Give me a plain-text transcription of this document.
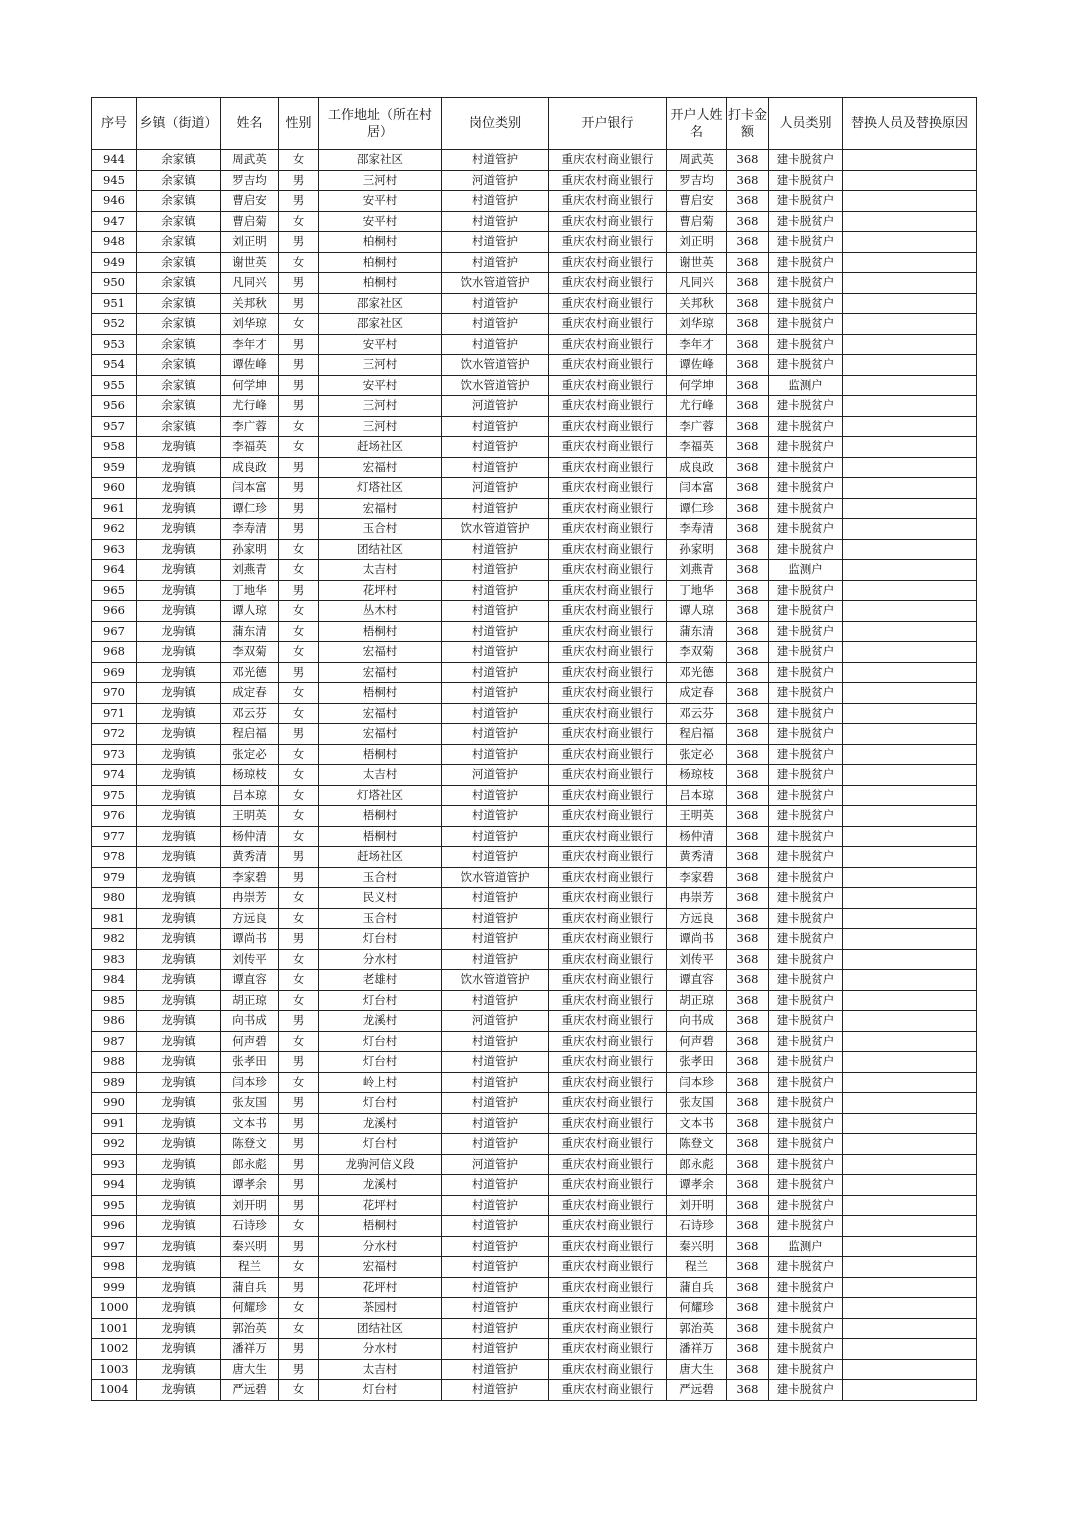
序号	乡镇（街道）	姓名	性别	工作地址（所在村居）	岗位类别	开户银行	开户人姓名	打卡金额	人员类别	替换人员及替换原因
944	余家镇	周武英	女	邵家社区	村道管护	重庆农村商业银行	周武英	368	建卡脱贫户	
945	余家镇	罗吉均	男	三河村	河道管护	重庆农村商业银行	罗吉均	368	建卡脱贫户	
946	余家镇	曹启安	男	安平村	村道管护	重庆农村商业银行	曹启安	368	建卡脱贫户	
947	余家镇	曹启菊	女	安平村	村道管护	重庆农村商业银行	曹启菊	368	建卡脱贫户	
948	余家镇	刘正明	男	柏桐村	村道管护	重庆农村商业银行	刘正明	368	建卡脱贫户	
949	余家镇	谢世英	女	柏桐村	村道管护	重庆农村商业银行	谢世英	368	建卡脱贫户	
950	余家镇	凡同兴	男	柏桐村	饮水管道管护	重庆农村商业银行	凡同兴	368	建卡脱贫户	
951	余家镇	关邦秋	男	邵家社区	村道管护	重庆农村商业银行	关邦秋	368	建卡脱贫户	
952	余家镇	刘华琼	女	邵家社区	村道管护	重庆农村商业银行	刘华琼	368	建卡脱贫户	
953	余家镇	李年才	男	安平村	村道管护	重庆农村商业银行	李年才	368	建卡脱贫户	
954	余家镇	谭佐峰	男	三河村	饮水管道管护	重庆农村商业银行	谭佐峰	368	建卡脱贫户	
955	余家镇	何学坤	男	安平村	饮水管道管护	重庆农村商业银行	何学坤	368	监测户	
956	余家镇	尤行峰	男	三河村	河道管护	重庆农村商业银行	尤行峰	368	建卡脱贫户	
957	余家镇	李广蓉	女	三河村	村道管护	重庆农村商业银行	李广蓉	368	建卡脱贫户	
958	龙驹镇	李福英	女	赶场社区	村道管护	重庆农村商业银行	李福英	368	建卡脱贫户	
959	龙驹镇	成良政	男	宏福村	村道管护	重庆农村商业银行	成良政	368	建卡脱贫户	
960	龙驹镇	闫本富	男	灯塔社区	河道管护	重庆农村商业银行	闫本富	368	建卡脱贫户	
961	龙驹镇	谭仁珍	男	宏福村	村道管护	重庆农村商业银行	谭仁珍	368	建卡脱贫户	
962	龙驹镇	李寿清	男	玉合村	饮水管道管护	重庆农村商业银行	李寿清	368	建卡脱贫户	
963	龙驹镇	孙家明	女	团结社区	村道管护	重庆农村商业银行	孙家明	368	建卡脱贫户	
964	龙驹镇	刘燕青	女	太吉村	村道管护	重庆农村商业银行	刘燕青	368	监测户	
965	龙驹镇	丁地华	男	花坪村	村道管护	重庆农村商业银行	丁地华	368	建卡脱贫户	
966	龙驹镇	谭人琼	女	丛木村	村道管护	重庆农村商业银行	谭人琼	368	建卡脱贫户	
967	龙驹镇	蒲东清	女	梧桐村	村道管护	重庆农村商业银行	蒲东清	368	建卡脱贫户	
968	龙驹镇	李双菊	女	宏福村	村道管护	重庆农村商业银行	李双菊	368	建卡脱贫户	
969	龙驹镇	邓光德	男	宏福村	村道管护	重庆农村商业银行	邓光德	368	建卡脱贫户	
970	龙驹镇	成定春	女	梧桐村	村道管护	重庆农村商业银行	成定春	368	建卡脱贫户	
971	龙驹镇	邓云芬	女	宏福村	村道管护	重庆农村商业银行	邓云芬	368	建卡脱贫户	
972	龙驹镇	程启福	男	宏福村	村道管护	重庆农村商业银行	程启福	368	建卡脱贫户	
973	龙驹镇	张定必	女	梧桐村	村道管护	重庆农村商业银行	张定必	368	建卡脱贫户	
974	龙驹镇	杨琼枝	女	太吉村	河道管护	重庆农村商业银行	杨琼枝	368	建卡脱贫户	
975	龙驹镇	吕本琼	女	灯塔社区	村道管护	重庆农村商业银行	吕本琼	368	建卡脱贫户	
976	龙驹镇	王明英	女	梧桐村	村道管护	重庆农村商业银行	王明英	368	建卡脱贫户	
977	龙驹镇	杨仲清	女	梧桐村	村道管护	重庆农村商业银行	杨仲清	368	建卡脱贫户	
978	龙驹镇	黄秀清	男	赶场社区	村道管护	重庆农村商业银行	黄秀清	368	建卡脱贫户	
979	龙驹镇	李家碧	男	玉合村	饮水管道管护	重庆农村商业银行	李家碧	368	建卡脱贫户	
980	龙驹镇	冉崇芳	女	民义村	村道管护	重庆农村商业银行	冉崇芳	368	建卡脱贫户	
981	龙驹镇	方远良	女	玉合村	村道管护	重庆农村商业银行	方远良	368	建卡脱贫户	
982	龙驹镇	谭尚书	男	灯台村	村道管护	重庆农村商业银行	谭尚书	368	建卡脱贫户	
983	龙驹镇	刘传平	女	分水村	村道管护	重庆农村商业银行	刘传平	368	建卡脱贫户	
984	龙驹镇	谭直容	女	老雄村	饮水管道管护	重庆农村商业银行	谭直容	368	建卡脱贫户	
985	龙驹镇	胡正琼	女	灯台村	村道管护	重庆农村商业银行	胡正琼	368	建卡脱贫户	
986	龙驹镇	向书成	男	龙溪村	河道管护	重庆农村商业银行	向书成	368	建卡脱贫户	
987	龙驹镇	何声碧	女	灯台村	村道管护	重庆农村商业银行	何声碧	368	建卡脱贫户	
988	龙驹镇	张孝田	男	灯台村	村道管护	重庆农村商业银行	张孝田	368	建卡脱贫户	
989	龙驹镇	闫本珍	女	岭上村	村道管护	重庆农村商业银行	闫本珍	368	建卡脱贫户	
990	龙驹镇	张友国	男	灯台村	村道管护	重庆农村商业银行	张友国	368	建卡脱贫户	
991	龙驹镇	文本书	男	龙溪村	村道管护	重庆农村商业银行	文本书	368	建卡脱贫户	
992	龙驹镇	陈登文	男	灯台村	村道管护	重庆农村商业银行	陈登文	368	建卡脱贫户	
993	龙驹镇	郎永彪	男	龙驹河信义段	河道管护	重庆农村商业银行	郎永彪	368	建卡脱贫户	
994	龙驹镇	谭孝余	男	龙溪村	村道管护	重庆农村商业银行	谭孝余	368	建卡脱贫户	
995	龙驹镇	刘开明	男	花坪村	村道管护	重庆农村商业银行	刘开明	368	建卡脱贫户	
996	龙驹镇	石诗珍	女	梧桐村	村道管护	重庆农村商业银行	石诗珍	368	建卡脱贫户	
997	龙驹镇	秦兴明	男	分水村	村道管护	重庆农村商业银行	秦兴明	368	监测户	
998	龙驹镇	程兰	女	宏福村	村道管护	重庆农村商业银行	程兰	368	建卡脱贫户	
999	龙驹镇	蒲自兵	男	花坪村	村道管护	重庆农村商业银行	蒲自兵	368	建卡脱贫户	
1000	龙驹镇	何耀珍	女	茶园村	村道管护	重庆农村商业银行	何耀珍	368	建卡脱贫户	
1001	龙驹镇	郭治英	女	团结社区	村道管护	重庆农村商业银行	郭治英	368	建卡脱贫户	
1002	龙驹镇	潘祥万	男	分水村	村道管护	重庆农村商业银行	潘祥万	368	建卡脱贫户	
1003	龙驹镇	唐大生	男	太吉村	村道管护	重庆农村商业银行	唐大生	368	建卡脱贫户	
1004	龙驹镇	严远碧	女	灯台村	村道管护	重庆农村商业银行	严远碧	368	建卡脱贫户	
